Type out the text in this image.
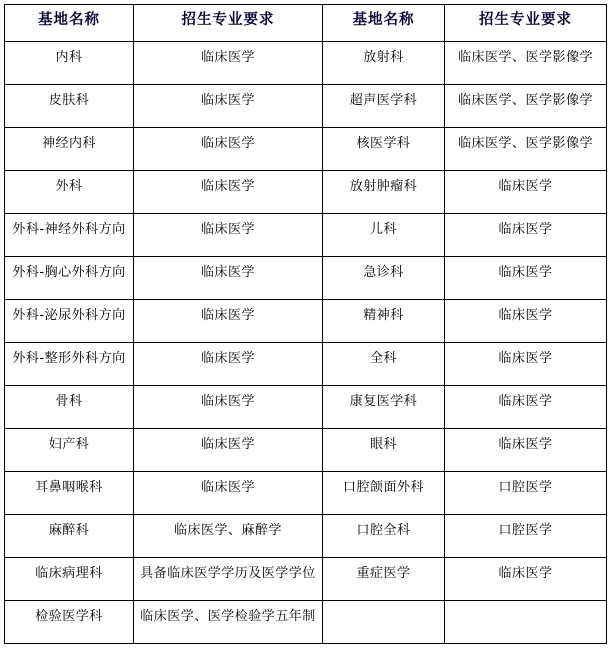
基地名称	招生专业要求	基地名称	招生专业要求
内科	临床医学	放射科	临床医学、医学影像学
皮肤科	临床医学	超声医学科	临床医学、医学影像学
神经内科	临床医学	核医学科	临床医学、医学影像学
外科	临床医学	放射肿瘤科	临床医学
外科-神经外科方向	临床医学	儿科	临床医学
外科-胸心外科方向	临床医学	急诊科	临床医学
外科-泌尿外科方向	临床医学	精神科	临床医学
外科-整形外科方向	临床医学	全科	临床医学
骨科	临床医学	康复医学科	临床医学
妇产科	临床医学	眼科	临床医学
耳鼻咽喉科	临床医学	口腔颌面外科	口腔医学
麻醉科	临床医学、麻醉学	口腔全科	口腔医学
临床病理科	具备临床医学学历及医学学位	重症医学	临床医学
检验医学科	临床医学、医学检验学五年制		
